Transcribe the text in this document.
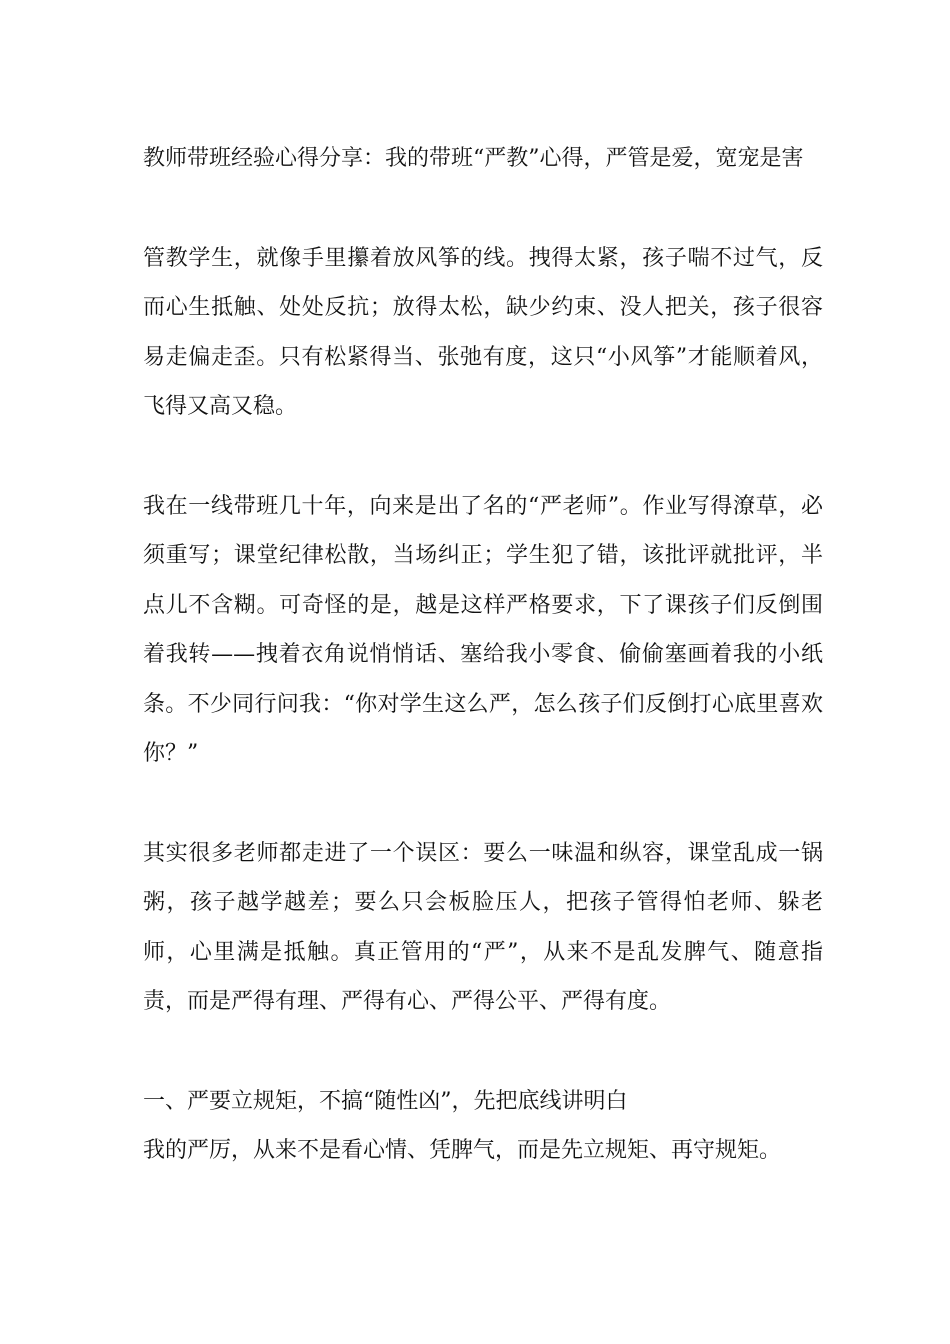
教师带班经验心得分享：我的带班“严教”心得，严管是爱，宽宠是害

管教学生，就像手里攥着放风筝的线。拽得太紧，孩子喘不过气，反而心生抵触、处处反抗；放得太松，缺少约束、没人把关，孩子很容易走偏走歪。只有松紧得当、张弛有度，这只“小风筝”才能顺着风，飞得又高又稳。

我在一线带班几十年，向来是出了名的“严老师”。作业写得潦草，必须重写；课堂纪律松散，当场纠正；学生犯了错，该批评就批评，半点儿不含糊。可奇怪的是，越是这样严格要求，下了课孩子们反倒围着我转——拽着衣角说悄悄话、塞给我小零食、偷偷塞画着我的小纸条。不少同行问我：“你对学生这么严，怎么孩子们反倒打心底里喜欢你？”

其实很多老师都走进了一个误区：要么一味温和纵容，课堂乱成一锅粥，孩子越学越差；要么只会板脸压人，把孩子管得怕老师、躲老师，心里满是抵触。真正管用的“严”，从来不是乱发脾气、随意指责，而是严得有理、严得有心、严得公平、严得有度。

一、严要立规矩，不搞“随性凶”，先把底线讲明白

我的严厉，从来不是看心情、凭脾气，而是先立规矩、再守规矩。
